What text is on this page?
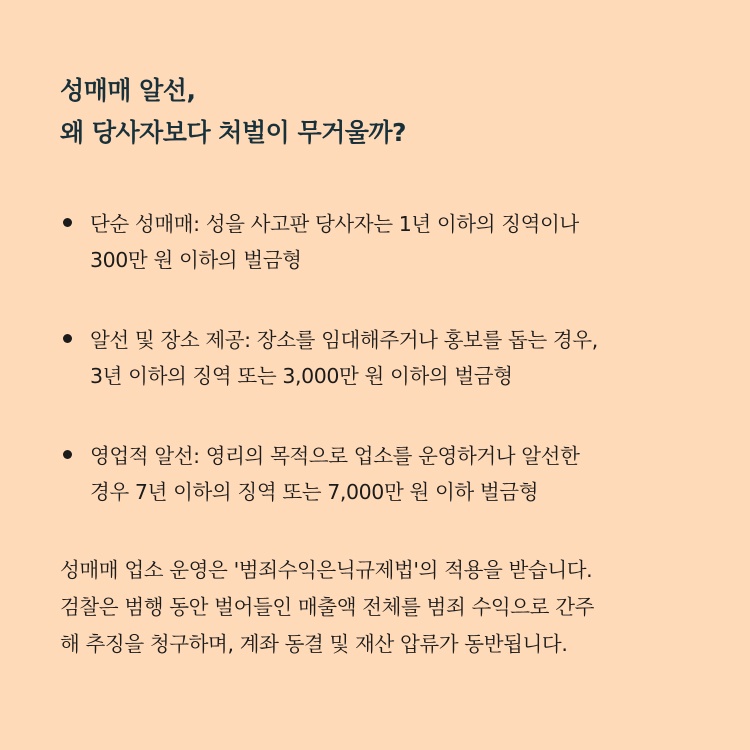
성매매 알선,
왜 당사자보다 처벌이 무거울까?
단순 성매매: 성을 사고판 당사자는 1년 이하의 징역이나
300만 원 이하의 벌금형
알선 및 장소 제공: 장소를 임대해주거나 홍보를 돕는 경우,
3년 이하의 징역 또는 3,000만 원 이하의 벌금형
영업적 알선: 영리의 목적으로 업소를 운영하거나 알선한
경우 7년 이하의 징역 또는 7,000만 원 이하 벌금형
성매매 업소 운영은 '범죄수익은닉규제법'의 적용을 받습니다.
검찰은 범행 동안 벌어들인 매출액 전체를 범죄 수익으로 간주
해 추징을 청구하며, 계좌 동결 및 재산 압류가 동반됩니다.
